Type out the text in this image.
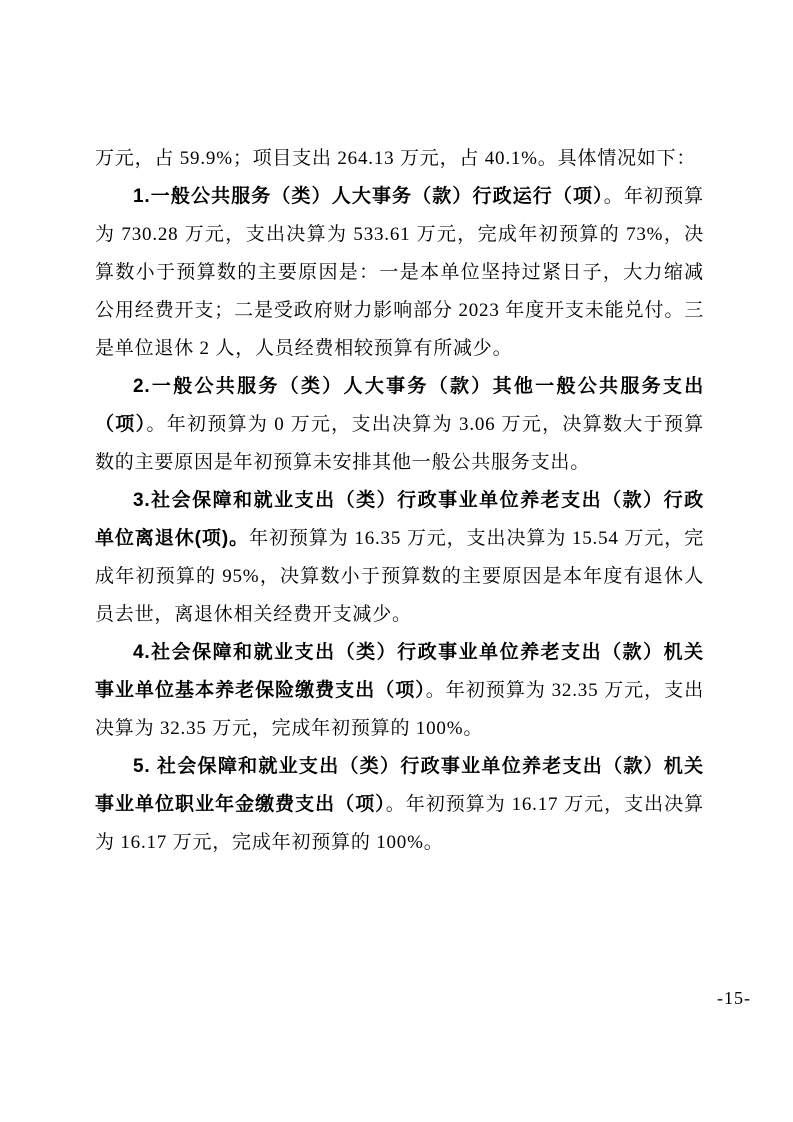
万元，占 59.9%；项目支出 264.13 万元，占 40.1%。具体情况如下：

1.一般公共服务（类）人大事务（款）行政运行（项）。年初预算为 730.28 万元，支出决算为 533.61 万元，完成年初预算的 73%，决算数小于预算数的主要原因是：一是本单位坚持过紧日子，大力缩减公用经费开支；二是受政府财力影响部分 2023 年度开支未能兑付。三是单位退休 2 人，人员经费相较预算有所减少。

2.一般公共服务（类）人大事务（款）其他一般公共服务支出（项）。年初预算为 0 万元，支出决算为 3.06 万元，决算数大于预算数的主要原因是年初预算未安排其他一般公共服务支出。

3.社会保障和就业支出（类）行政事业单位养老支出（款）行政单位离退休(项)。年初预算为 16.35 万元，支出决算为 15.54 万元，完成年初预算的 95%，决算数小于预算数的主要原因是本年度有退休人员去世，离退休相关经费开支减少。

4.社会保障和就业支出（类）行政事业单位养老支出（款）机关事业单位基本养老保险缴费支出（项）。年初预算为 32.35 万元，支出决算为 32.35 万元，完成年初预算的 100%。

5. 社会保障和就业支出（类）行政事业单位养老支出（款）机关事业单位职业年金缴费支出（项）。年初预算为 16.17 万元，支出决算为 16.17 万元，完成年初预算的 100%。

-15-
